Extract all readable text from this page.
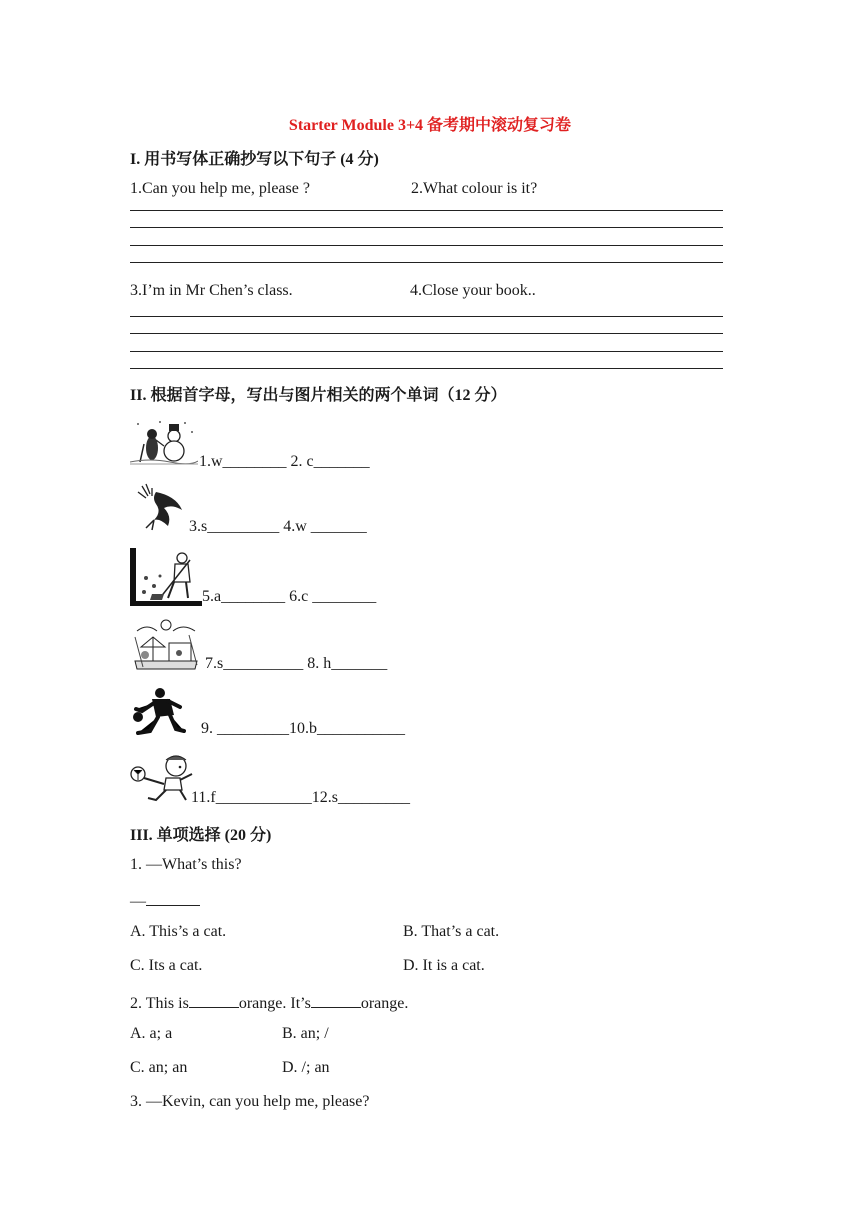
Starter Module 3+4 备考期中滚动复习卷
I. 用书写体正确抄写以下句子 (4 分)
1.Can you help me, please ?	2.What colour is it?
3.I’m in Mr Chen’s class.	4.Close your book..
II. 根据首字母，写出与图片相关的两个单词（12 分）
1.w________ 2. c_______
3.s_________ 4.w _______
5.a________ 6.c ________
7.s__________ 8. h_______
9. _________10.b___________
11.f____________12.s_________
III. 单项选择 (20 分)
1. —What’s this?
—
A. This’s a cat.	B. That’s a cat.
C. Its a cat.	D. It is a cat.
2. This is	orange. It’s	orange.
A. a; a	B. an; /
C. an; an	D. /; an
3. —Kevin, can you help me, please?
